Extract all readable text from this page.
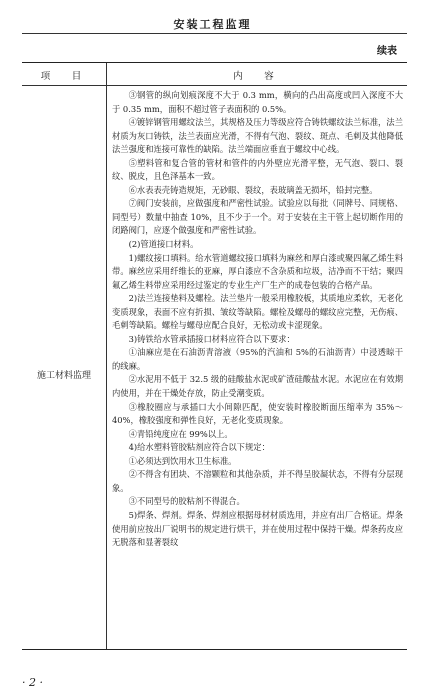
安装工程监理
续表
项　目	内　容
施工材料监理

③钢管的纵向划痕深度不大于 0.3 mm，横向的凸出高度或凹入深度不大于 0.35 mm，面积不超过管子表面积的 0.5%。

④镀锌钢管用螺纹法兰，其规格及压力等级应符合铸铁螺纹法兰标准，法兰材质为灰口铸铁，法兰表面应光滑，不得有气泡、裂纹、斑点、毛刺及其他降低法兰强度和连接可靠性的缺陷。法兰端面应垂直于螺纹中心线。

⑤塑料管和复合管的管材和管件的内外壁应光滑平整，无气泡、裂口、裂纹、脱皮，且色泽基本一致。

⑥水表表壳铸造规矩，无砂眼、裂纹，表玻璃盖无损坏，铅封完整。

⑦阀门安装前，应做强度和严密性试验。试验应以每批（同牌号、同规格、同型号）数量中抽查 10%，且不少于一个。对于安装在主干管上起切断作用的闭路阀门，应逐个做强度和严密性试验。

(2)管道接口材料。

1)螺纹接口填料。给水管道螺纹接口填料为麻丝和厚白漆或聚四氟乙烯生料带。麻丝应采用纤维长的亚麻，厚白漆应不含杂质和垃圾，洁净而不干结；聚四氟乙烯生料带应采用经过鉴定的专业生产厂生产的成卷包装的合格产品。

2)法兰连接垫料及螺栓。法兰垫片一般采用橡胶板，其质地应柔软，无老化变质现象，表面不应有折损、皱纹等缺陷。螺栓及螺母的螺纹应完整，无伤痕、毛刺等缺陷。螺栓与螺母应配合良好，无松动或卡涩现象。

3)铸铁给水管承插接口材料应符合以下要求：

①油麻应是在石油沥青溶液（95%的汽油和 5%的石油沥青）中浸透晾干的线麻。

②水泥用不低于 32.5 级的硅酸盐水泥或矿渣硅酸盐水泥。水泥应在有效期内使用，并在干燥处存放，防止受潮变质。

③橡胶圈应与承插口大小间隙匹配，使安装时橡胶断面压缩率为 35%～40%，橡胶强度和弹性良好，无老化变质现象。

④青铅纯度应在 99%以上。

4)给水塑料管胶粘剂应符合以下规定：

①必须达到饮用水卫生标准。

②不得含有团块、不溶颗粒和其他杂质，并不得呈胶凝状态，不得有分层现象。

③不同型号的胶粘剂不得混合。

5)焊条、焊剂。焊条、焊剂应根据母材材质选用，并应有出厂合格证。焊条使用前应按出厂说明书的规定进行烘干，并在使用过程中保持干燥。焊条药皮应无脱落和显著裂纹

· 2 ·
